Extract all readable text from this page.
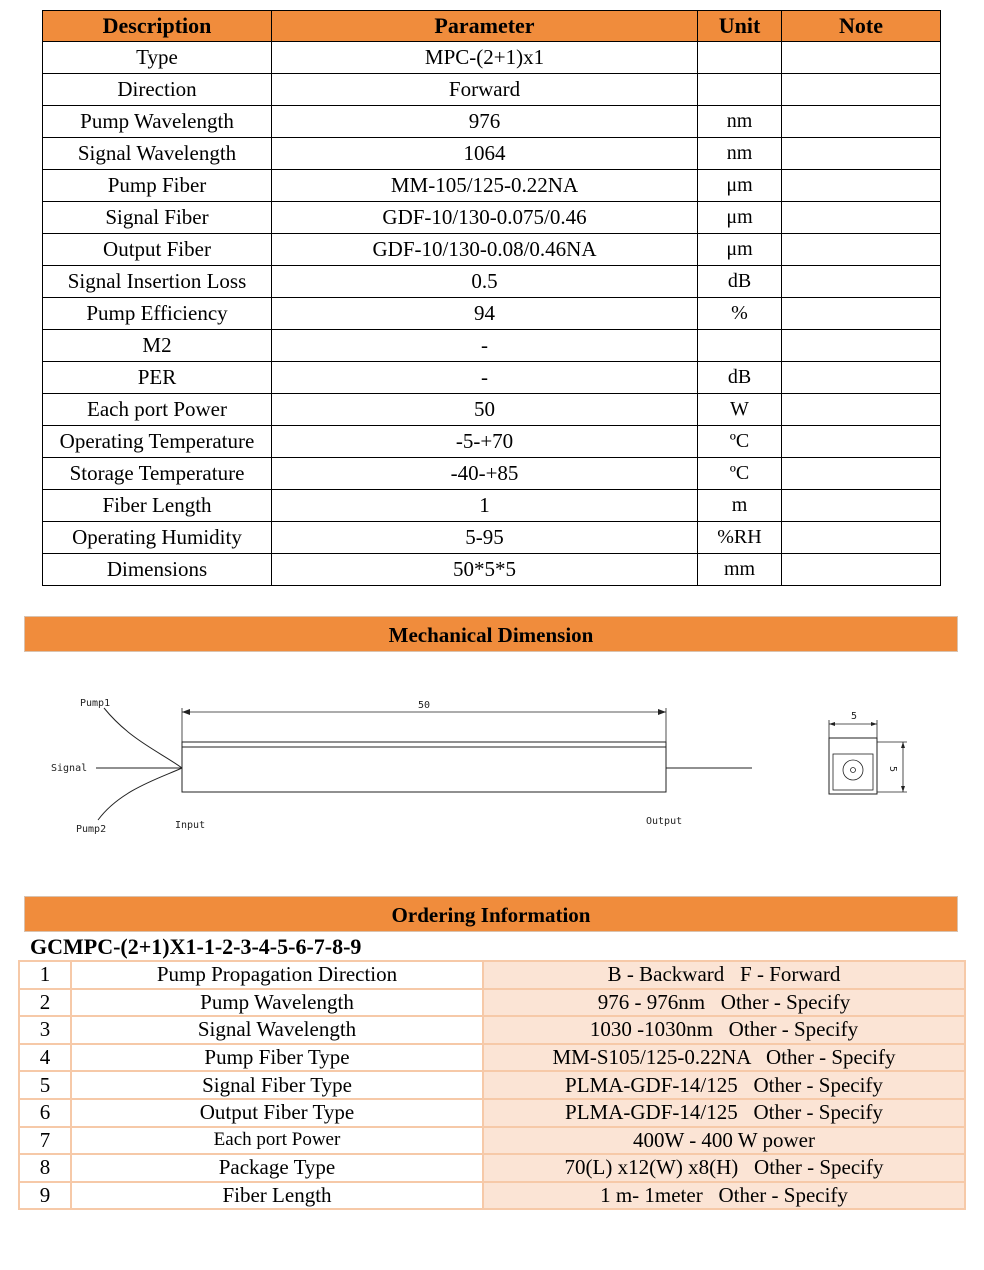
Description	Parameter	Unit	Note
Type	MPC-(2+1)x1		
Direction	Forward		
Pump Wavelength	976	nm	
Signal Wavelength	1064	nm	
Pump Fiber	MM-105/125-0.22NA	μm	
Signal Fiber	GDF-10/130-0.075/0.46	μm	
Output Fiber	GDF-10/130-0.08/0.46NA	μm	
Signal Insertion Loss	0.5	dB	
Pump Efficiency	94	%	
M2	-		
PER	-	dB	
Each port Power	50	W	
Operating Temperature	-5-+70	ºC	
Storage Temperature	-40-+85	ºC	
Fiber Length	1	m	
Operating Humidity	5-95	%RH	
Dimensions	50*5*5	mm	
Mechanical Dimension
50
Pump1
Signal
Pump2	Input	Output
5
5
Ordering Information
GCMPC-(2+1)X1-1-2-3-4-5-6-7-8-9
1	Pump Propagation Direction	B - Backward   F - Forward
2	Pump Wavelength	976 - 976nm   Other - Specify
3	Signal Wavelength	1030 -1030nm   Other - Specify
4	Pump Fiber Type	MM-S105/125-0.22NA   Other - Specify
5	Signal Fiber Type	PLMA-GDF-14/125   Other - Specify
6	Output Fiber Type	PLMA-GDF-14/125   Other - Specify
7	Each port Power	400W - 400 W power
8	Package Type	70(L) x12(W) x8(H)   Other - Specify
9	Fiber Length	1 m- 1meter   Other - Specify
